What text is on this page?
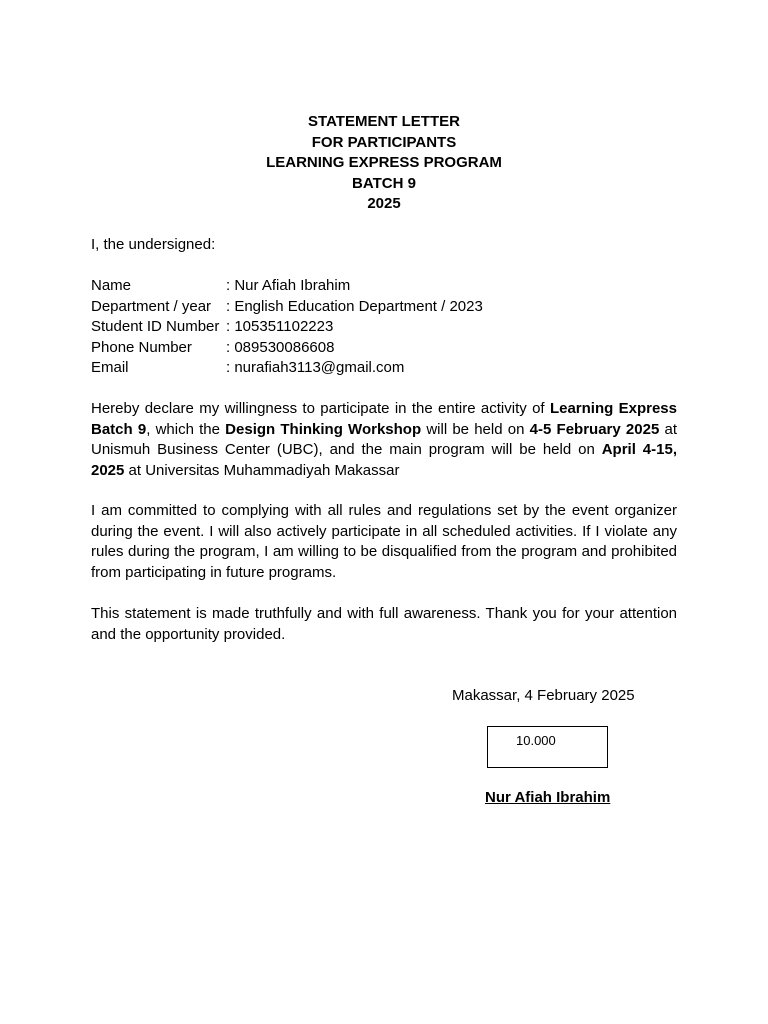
STATEMENT LETTER
FOR PARTICIPANTS
LEARNING EXPRESS PROGRAM
BATCH 9
2025
I, the undersigned:
Name	: Nur Afiah Ibrahim
Department / year : English Education Department / 2023
Student ID Number : 105351102223
Phone Number	: 089530086608
Email	: nurafiah3113@gmail.com

Hereby declare my willingness to participate in the entire activity of Learning Express Batch 9, which the Design Thinking Workshop will be held on 4-5 February 2025 at Unismuh Business Center (UBC), and the main program will be held on April 4-15, 2025 at Universitas Muhammadiyah Makassar

I am committed to complying with all rules and regulations set by the event organizer during the event. I will also actively participate in all scheduled activities. If I violate any rules during the program, I am willing to be disqualified from the program and prohibited from participating in future programs.

This statement is made truthfully and with full awareness. Thank you for your attention and the opportunity provided.

Makassar, 4 February 2025
10.000
Nur Afiah Ibrahim
